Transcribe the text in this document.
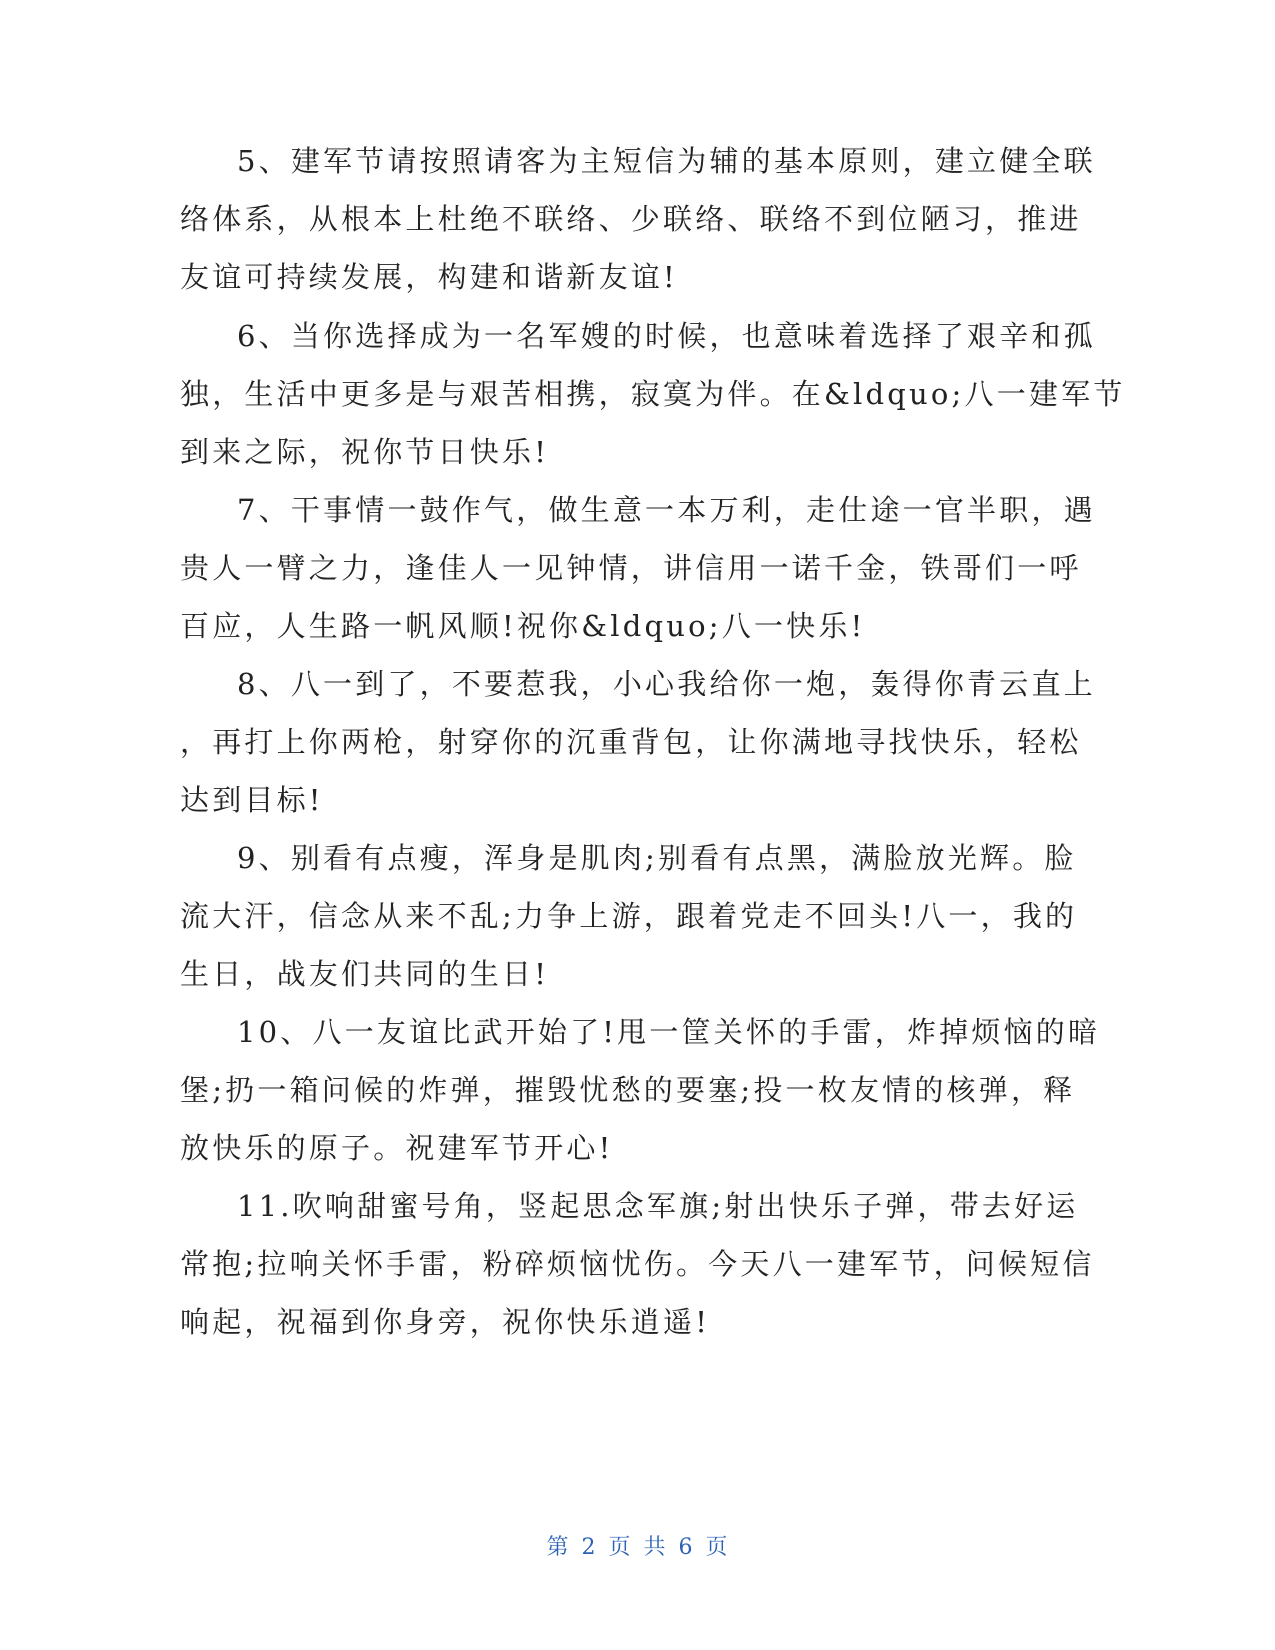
5、建军节请按照请客为主短信为辅的基本原则，建立健全联

络体系，从根本上杜绝不联络、少联络、联络不到位陋习，推进

友谊可持续发展，构建和谐新友谊!

6、当你选择成为一名军嫂的时候，也意味着选择了艰辛和孤

独，生活中更多是与艰苦相携，寂寞为伴。在&ldquo;八一建军节

到来之际，祝你节日快乐!

7、干事情一鼓作气，做生意一本万利，走仕途一官半职，遇

贵人一臂之力，逢佳人一见钟情，讲信用一诺千金，铁哥们一呼

百应，人生路一帆风顺!祝你&ldquo;八一快乐!

8、八一到了，不要惹我，小心我给你一炮，轰得你青云直上

，再打上你两枪，射穿你的沉重背包，让你满地寻找快乐，轻松

达到目标!

9、别看有点瘦，浑身是肌肉;别看有点黑，满脸放光辉。脸

流大汗，信念从来不乱;力争上游，跟着党走不回头!八一，我的

生日，战友们共同的生日!

10、八一友谊比武开始了!甩一筐关怀的手雷，炸掉烦恼的暗

堡;扔一箱问候的炸弹，摧毁忧愁的要塞;投一枚友情的核弹，释

放快乐的原子。祝建军节开心!

11.吹响甜蜜号角，竖起思念军旗;射出快乐子弹，带去好运

常抱;拉响关怀手雷，粉碎烦恼忧伤。今天八一建军节，问候短信

响起，祝福到你身旁，祝你快乐逍遥!

第 2 页 共 6 页
